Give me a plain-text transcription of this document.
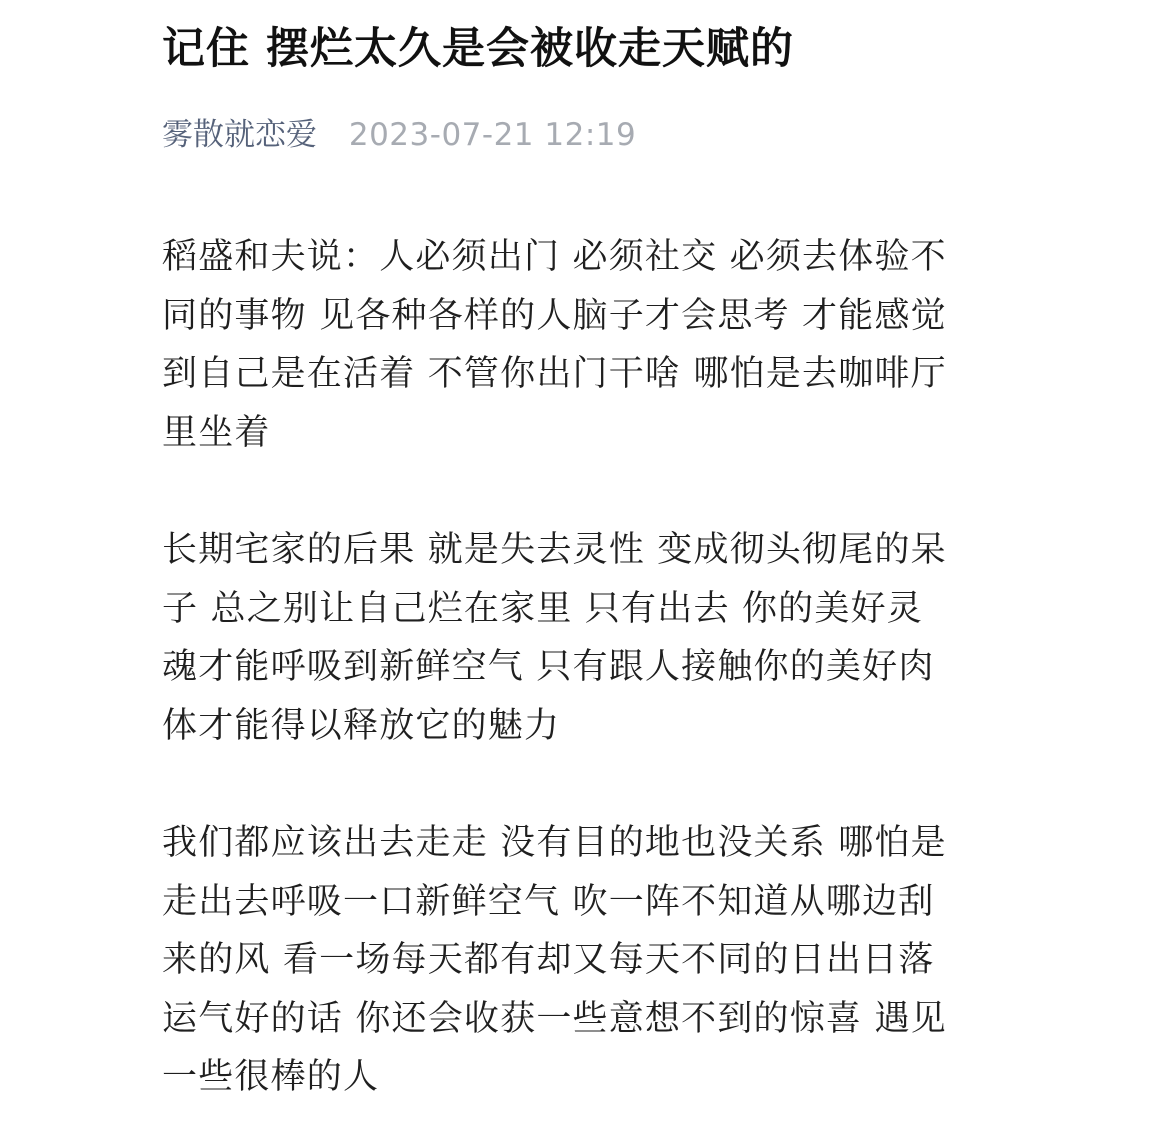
记住 摆烂太久是会被收走天赋的
雾散就恋爱 2023-07-21 12:19

稻盛和夫说：人必须出门 必须社交 必须去体验不
同的事物 见各种各样的人脑子才会思考 才能感觉
到自己是在活着 不管你出门干啥 哪怕是去咖啡厅
里坐着

长期宅家的后果 就是失去灵性 变成彻头彻尾的呆
子 总之别让自己烂在家里 只有出去 你的美好灵
魂才能呼吸到新鲜空气 只有跟人接触你的美好肉
体才能得以释放它的魅力

我们都应该出去走走 没有目的地也没关系 哪怕是
走出去呼吸一口新鲜空气 吹一阵不知道从哪边刮
来的风 看一场每天都有却又每天不同的日出日落
运气好的话 你还会收获一些意想不到的惊喜 遇见
一些很棒的人
